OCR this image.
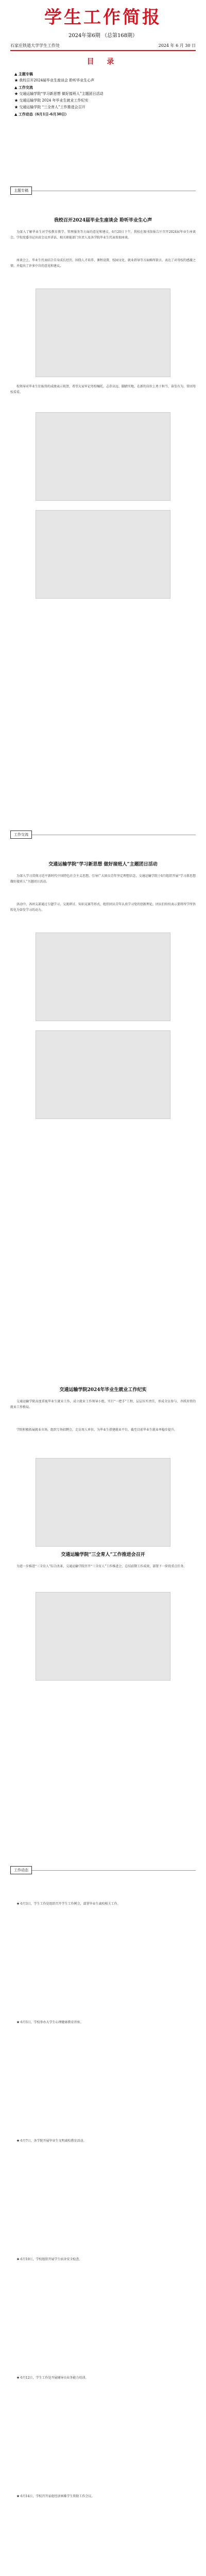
学生工作简报
2024年第6期 （总第168期）
石家庄铁道大学学生工作处	2024 年 6 月 30 日
目 录
▲ 主题专稿
★ 我校召开2024届毕业生座谈会 聆听毕业生心声
▲ 工作交流
★ 交通运输学院“学习新思想 做好接班人”主题团日活动
★ 交通运输学院 2024 年毕业生就业工作纪实
★ 交通运输学院 “三全育人”工作推进会召开
▲ 工作动态（6月1日-6月30日）
主题专稿
我校召开2024届毕业生座谈会 聆听毕业生心声
为深入了解毕业生对学校教育教学、管理服务等方面的意见和建议，6月20日下午，我校在图书馆报告厅召开2024届毕业生座谈会。学校党委书记出席会议并讲话，相关职能部门负责人及各学院毕业生代表参加座谈。
座谈会上，毕业生代表结合自身成长经历，围绕人才培养、课程设置、校园文化、就业指导等方面畅所欲言，表达了对母校的感激之情，并提出了许多中肯的意见和建议。
校领导对毕业生们取得的成绩表示祝贺，希望大家牢记母校嘱托，志存高远、脚踏实地，在新的岗位上勇于担当、奋发有为，常回母校看看。
工作交流
交通运输学院“学习新思想 做好接班人”主题团日活动
为深入学习贯彻习近平新时代中国特色社会主义思想，引导广大团员青年坚定理想信念，交通运输学院于6月组织开展“学习新思想 做好接班人”主题团日活动。
活动中，各团支部通过专题学习、交流研讨、知识竞赛等形式，组织团员青年认真学习党的创新理论，团员们纷纷表示要将所学所悟转化为奋发学习的动力。
交通运输学院2024年毕业生就业工作纪实
交通运输学院高度重视毕业生就业工作，成立就业工作领导小组，实行“一把手”工程，层层压实责任，形成全员参与、齐抓共管的就业工作格局。
学院积极拓展就业市场，组织专场招聘会，走访用人单位，为毕业生搭建就业平台，截至目前毕业生就业率稳步提升。
交通运输学院“三全育人”工作推进会召开
为进一步推进“三全育人”综合改革，交通运输学院召开“三全育人”工作推进会，总结前期工作成效，部署下一阶段重点任务。
工作动态
★ 6月3日，学生工作处组织召开学生工作例会，部署毕业生离校相关工作。
★ 6月5日，学校举办大学生心理健康教育讲座。
★ 6月7日，各学院开展毕业生文明离校教育活动。
★ 6月10日，学校组织开展学生宿舍安全检查。
★ 6月12日，学生工作处开展辅导员业务能力培训。
★ 6月14日，学校召开家庭经济困难学生资助工作会议。
